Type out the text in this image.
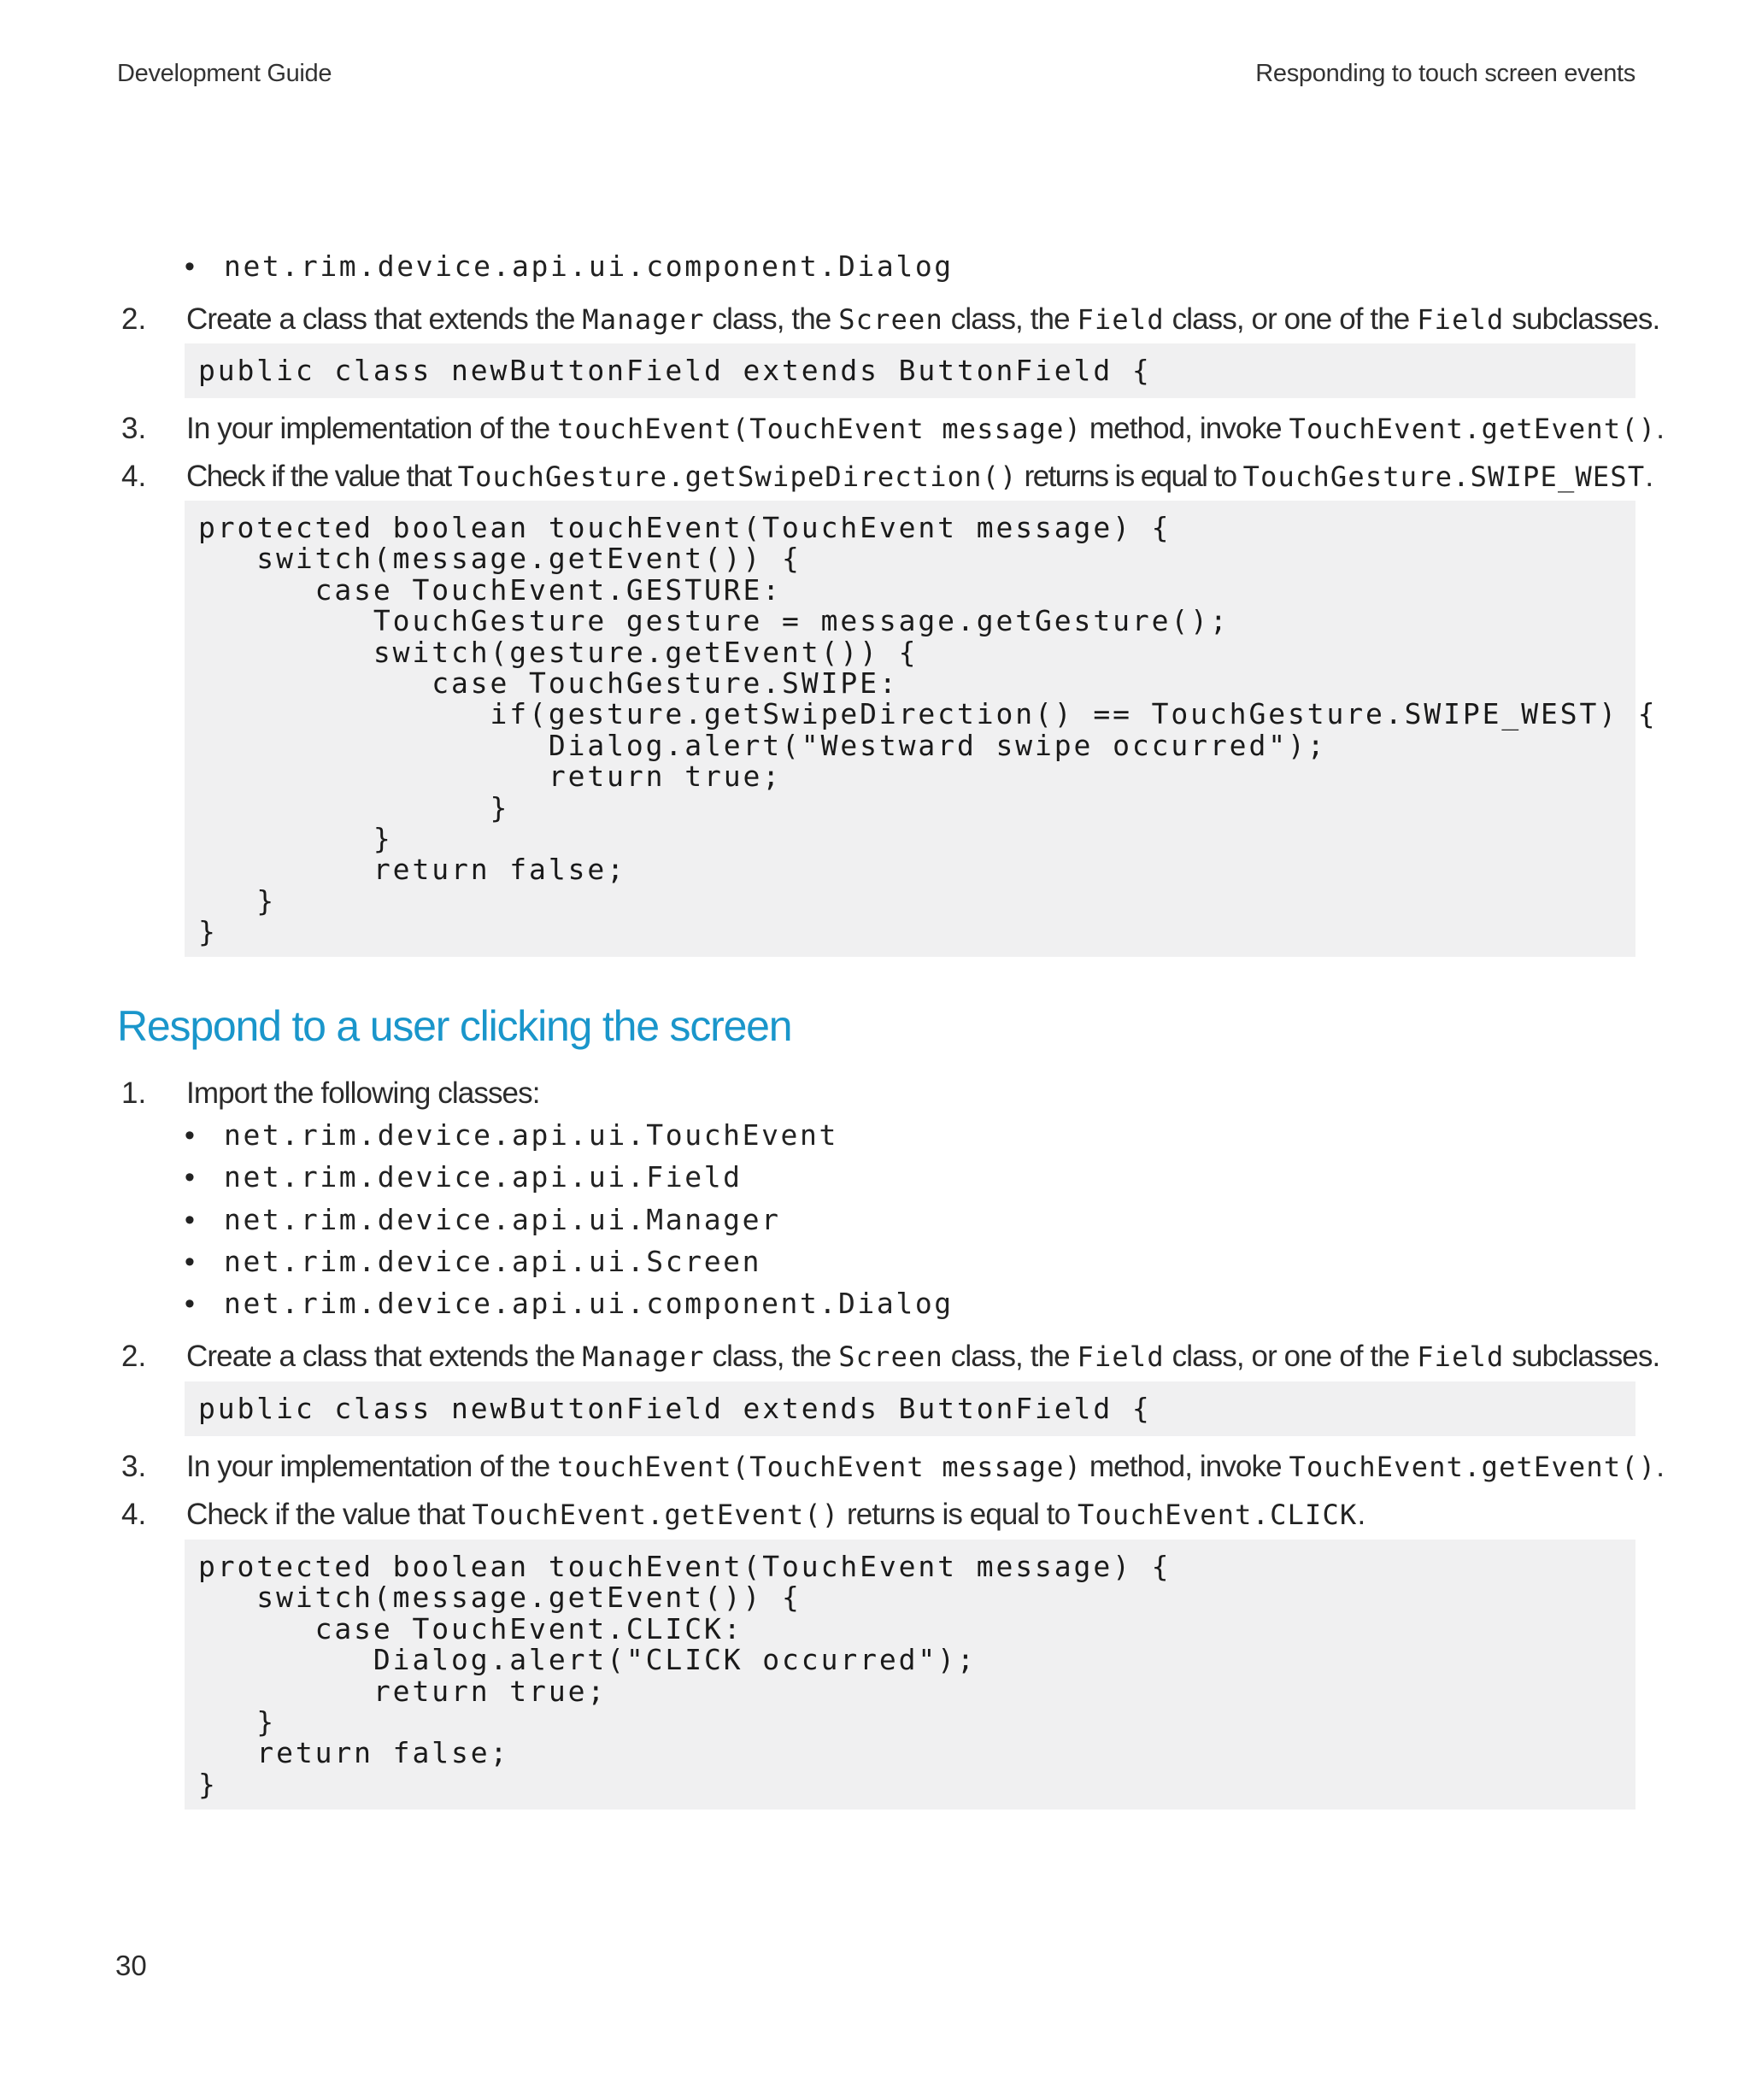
Development Guide	Responding to touch screen events
• net.rim.device.api.ui.component.Dialog
2. Create a class that extends the Manager class, the Screen class, the Field class, or one of the Field subclasses.
public class newButtonField extends ButtonField {
3. In your implementation of the touchEvent(TouchEvent message) method, invoke TouchEvent.getEvent().
4. Check if the value that TouchGesture.getSwipeDirection() returns is equal to TouchGesture.SWIPE_WEST.
protected boolean touchEvent(TouchEvent message) {
switch(message.getEvent()) {
case TouchEvent.GESTURE:
TouchGesture gesture = message.getGesture();
switch(gesture.getEvent()) {
case TouchGesture.SWIPE:
if(gesture.getSwipeDirection() == TouchGesture.SWIPE_WEST) {
Dialog.alert("Westward swipe occurred");
return true;
}
}
return false;
}
}
Respond to a user clicking the screen
1. Import the following classes:
• net.rim.device.api.ui.TouchEvent
• net.rim.device.api.ui.Field
• net.rim.device.api.ui.Manager
• net.rim.device.api.ui.Screen
• net.rim.device.api.ui.component.Dialog
2. Create a class that extends the Manager class, the Screen class, the Field class, or one of the Field subclasses.
public class newButtonField extends ButtonField {
3. In your implementation of the touchEvent(TouchEvent message) method, invoke TouchEvent.getEvent().
4. Check if the value that TouchEvent.getEvent() returns is equal to TouchEvent.CLICK.
protected boolean touchEvent(TouchEvent message) {
switch(message.getEvent()) {
case TouchEvent.CLICK:
Dialog.alert("CLICK occurred");
return true;
}
return false;
}
30
